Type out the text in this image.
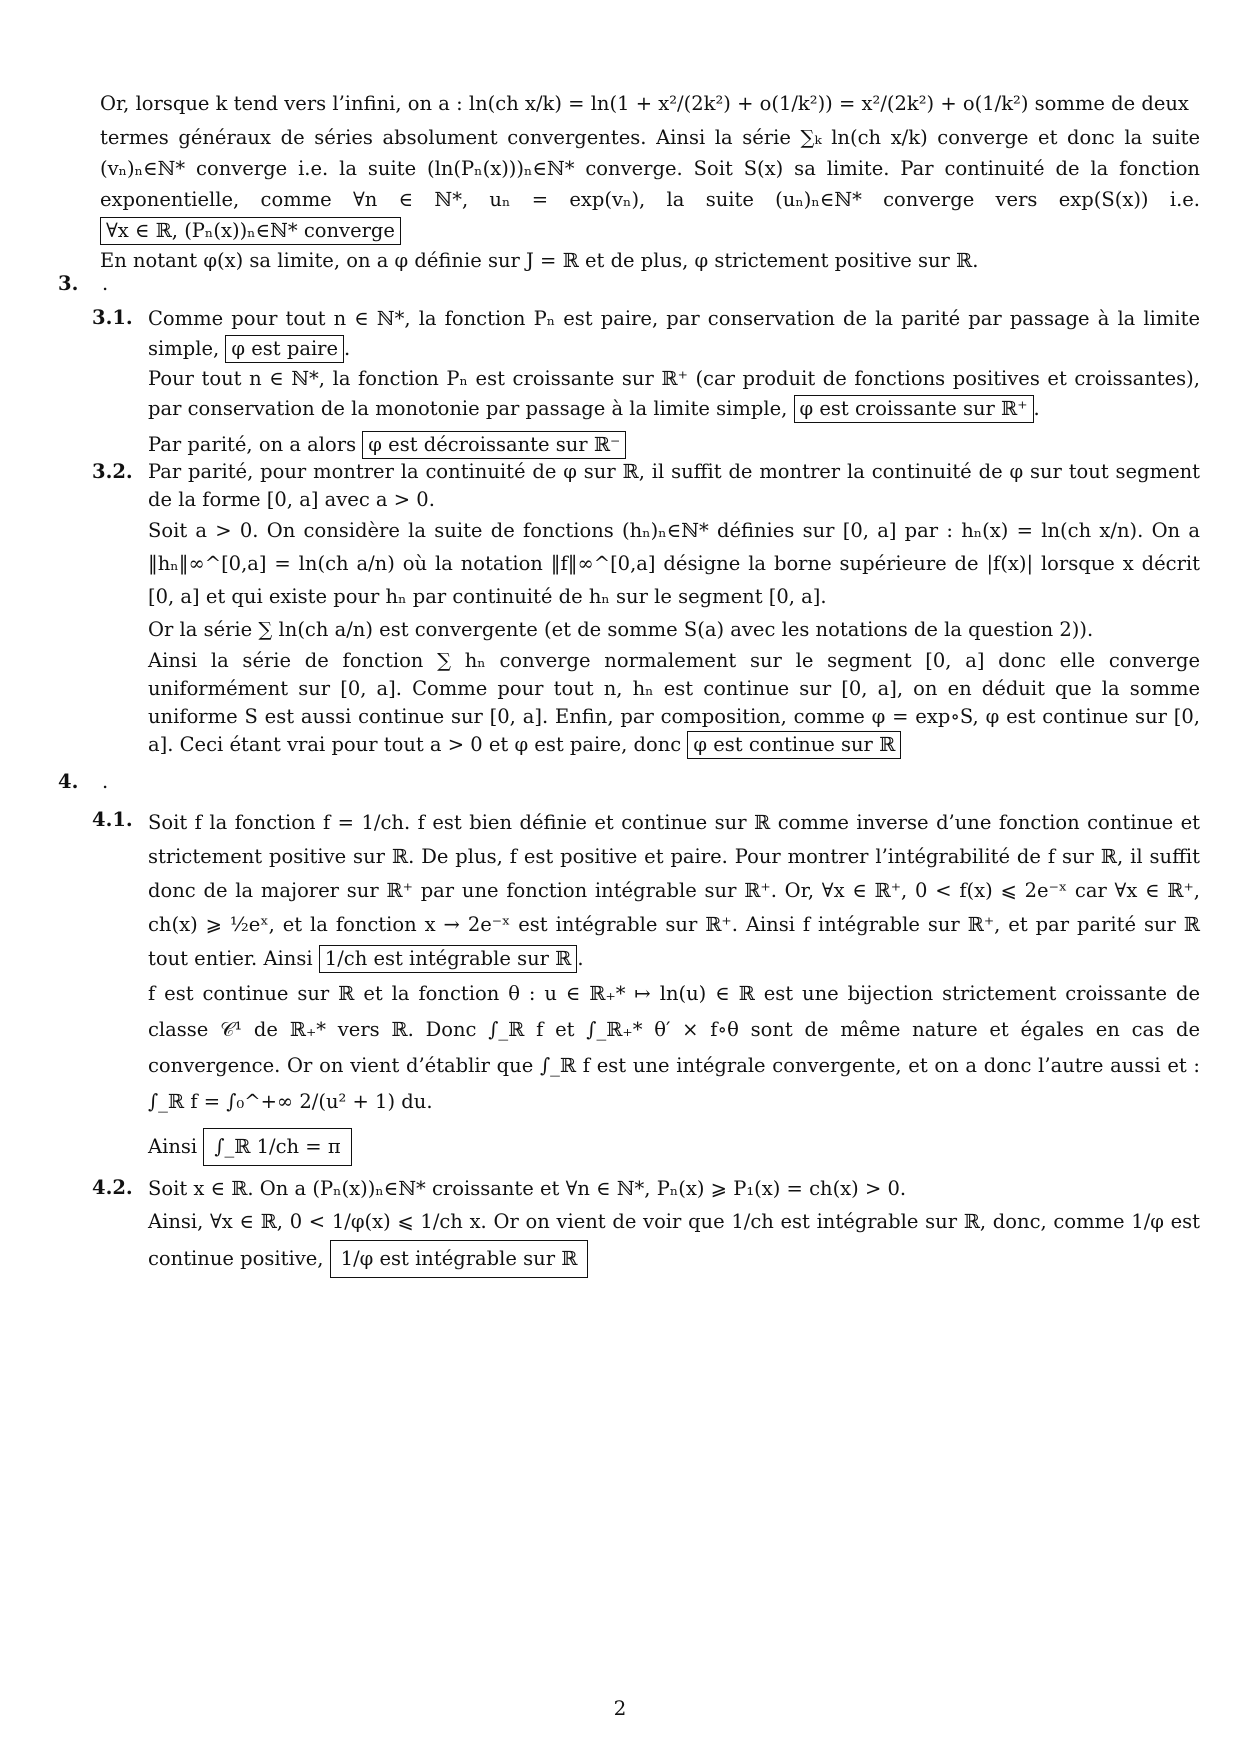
Or, lorsque k tend vers l’infini, on a : ln(ch x/k) = ln(1 + x²/(2k²) + o(1/k²)) = x²/(2k²) + o(1/k²) somme de deux

termes généraux de séries absolument convergentes. Ainsi la série ∑ₖ ln(ch x/k) converge et donc la suite (vₙ)ₙ∈ℕ* converge i.e. la suite (ln(Pₙ(x)))ₙ∈ℕ* converge. Soit S(x) sa limite. Par continuité de la fonction exponentielle, comme ∀n ∈ ℕ*, uₙ = exp(vₙ), la suite (uₙ)ₙ∈ℕ* converge vers exp(S(x)) i.e. ∀x ∈ ℝ, (Pₙ(x))ₙ∈ℕ* converge

En notant φ(x) sa limite, on a φ définie sur J = ℝ et de plus, φ strictement positive sur ℝ.

3. .
3.1. Comme pour tout n ∈ ℕ*, la fonction Pₙ est paire, par conservation de la parité par passage à la limite simple, φ est paire .

Pour tout n ∈ ℕ*, la fonction Pₙ est croissante sur ℝ⁺ (car produit de fonctions positives et croissantes), par conservation de la monotonie par passage à la limite simple, φ est croissante sur ℝ⁺ .

Par parité, on a alors φ est décroissante sur ℝ⁻

3.2. Par parité, pour montrer la continuité de φ sur ℝ, il suffit de montrer la continuité de φ sur tout segment de la forme [0, a] avec a > 0.

Soit a > 0. On considère la suite de fonctions (hₙ)ₙ∈ℕ* définies sur [0, a] par : hₙ(x) = ln(ch x/n). On a ‖hₙ‖∞^[0,a] = ln(ch a/n) où la notation ‖f‖∞^[0,a] désigne la borne supérieure de |f(x)| lorsque x décrit [0, a] et qui existe pour hₙ par continuité de hₙ sur le segment [0, a].

Or la série ∑ ln(ch a/n) est convergente (et de somme S(a) avec les notations de la question 2)).

Ainsi la série de fonction ∑ hₙ converge normalement sur le segment [0, a] donc elle converge uniformément sur [0, a]. Comme pour tout n, hₙ est continue sur [0, a], on en déduit que la somme uniforme S est aussi continue sur [0, a]. Enfin, par composition, comme φ = exp∘S, φ est continue sur [0, a]. Ceci étant vrai pour tout a > 0 et φ est paire, donc φ est continue sur ℝ

4. .
4.1. Soit f la fonction f = 1/ch. f est bien définie et continue sur ℝ comme inverse d’une fonction continue et strictement positive sur ℝ. De plus, f est positive et paire. Pour montrer l’intégrabilité de f sur ℝ, il suffit donc de la majorer sur ℝ⁺ par une fonction intégrable sur ℝ⁺. Or, ∀x ∈ ℝ⁺, 0 < f(x) ⩽ 2e⁻ˣ car ∀x ∈ ℝ⁺, ch(x) ⩾ ½eˣ, et la fonction x → 2e⁻ˣ est intégrable sur ℝ⁺. Ainsi f intégrable sur ℝ⁺, et par parité sur ℝ tout entier. Ainsi 1/ch est intégrable sur ℝ .

f est continue sur ℝ et la fonction θ : u ∈ ℝ₊* ↦ ln(u) ∈ ℝ est une bijection strictement croissante de classe 𝒞¹ de ℝ₊* vers ℝ. Donc ∫_ℝ f et ∫_ℝ₊* θ′ × f∘θ sont de même nature et égales en cas de convergence. Or on vient d’établir que ∫_ℝ f est une intégrale convergente, et on a donc l’autre aussi et : ∫_ℝ f = ∫₀^+∞ 2/(u² + 1) du.

Ainsi ∫_ℝ 1/ch = π

4.2. Soit x ∈ ℝ. On a (Pₙ(x))ₙ∈ℕ* croissante et ∀n ∈ ℕ*, Pₙ(x) ⩾ P₁(x) = ch(x) > 0.

Ainsi, ∀x ∈ ℝ, 0 < 1/φ(x) ⩽ 1/ch x. Or on vient de voir que 1/ch est intégrable sur ℝ, donc, comme 1/φ est continue positive, 1/φ est intégrable sur ℝ

2
